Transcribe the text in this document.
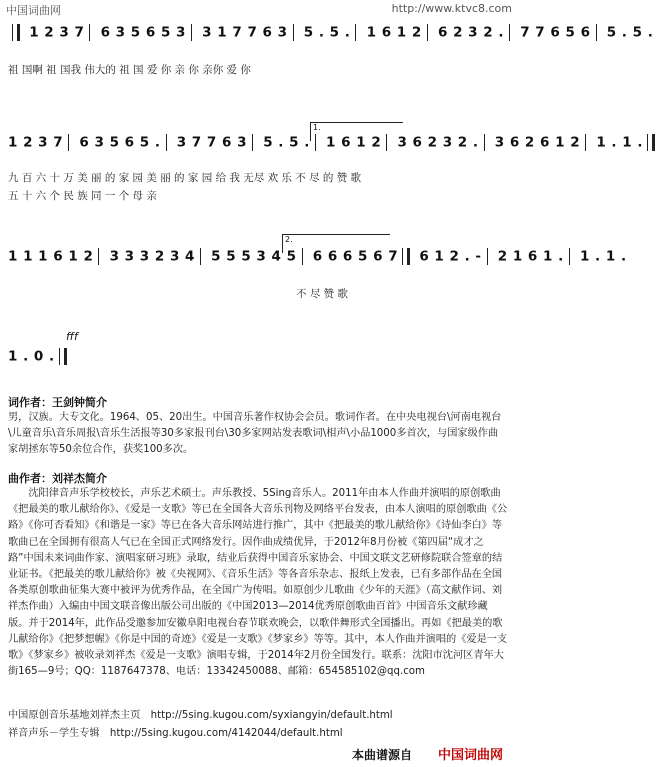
中国词曲网	http://www.ktvc8.com
1 2 3 7 6 3 5 6 5 3 3 1 7 7 6 3 5 . 5 . 1 6 1 2 6 2 3 2 . 7 7 6 5 6 5 . 5 .
祖 国啊 祖 国我 伟大的 祖 国 爱 你 亲 你 亲你 爱 你
1.
1 2 3 7 6 3 5 6 5 . 3 7 7 6 3 5 . 5 . 1 6 1 2 3 6 2 3 2 . 3 6 2 6 1 2 1 . 1 .
九 百 六 十 万 美 丽 的 家 园 美 丽 的 家 园 给 我 无尽 欢 乐 不 尽 的 赞 歌
五 十 六 个 民 族 同 一 个 母 亲
2.
1 1 1 6 1 2 3 3 3 2 3 4 5 5 5 3 4 5 6 6 6 5 6 7 6 1 2 . - 2 1 6 1 . 1 . 1 .
不 尽 赞 歌
fff
1 . 0 .
词作者：王剑钟简介
男，汉族。大专文化。1964、05、20出生。中国音乐著作权协会会员。歌词作者。在中央电视台\河南电视台\儿童音乐\音乐周报\音乐生活报等30多家报刊台\30多家网站发表歌词\相声\小品1000多首次，与国家级作曲家胡拯东等50余位合作，获奖100多次。
曲作者：刘祥杰简介
　　沈阳律音声乐学校校长，声乐艺术硕士。声乐教授、5Sing音乐人。2011年由本人作曲并演唱的原创歌曲《把最美的歌儿献给你》、《爱是一支歌》等已在全国各大音乐刊物及网络平台发表，由本人演唱的原创歌曲《公路》《你可否看知》《和谐是一家》等已在各大音乐网站进行推广，其中《把最美的歌儿献给你》《诗仙李白》等歌曲已在全国拥有很高人气已在全国正式网络发行。因作曲成绩优异，于2012年8月份被《第四届“成才之路”中国未来词曲作家、演唱家研习班》录取，结业后获得中国音乐家协会、中国文联文艺研修院联合签章的结业证书。《把最美的歌儿献给你》被《央视网》、《音乐生活》等各音乐杂志、报纸上发表，已有多部作品在全国各类原创歌曲征集大赛中被评为优秀作品，在全国广为传唱。如原创少儿歌曲《少年的天涯》（高文献作词、刘祥杰作曲）入编由中国文联音像出版公司出版的《中国2013—2014优秀原创歌曲百首》中国音乐文献珍藏版。并于2014年，此作品受邀参加安徽阜阳电视台春节联欢晚会，以歌伴舞形式全国播出。再如《把最美的歌儿献给你》《把梦想幄》《你是中国的奇迹》《爱是一支歌》《梦家乡》等等。其中，本人作曲并演唱的《爱是一支歌》《梦家乡》被收录刘祥杰《爱是一支歌》演唱专辑，于2014年2月份全国发行。联系：沈阳市沈河区青年大街165—9号；QQ：1187647378、电话：13342450088、邮箱：654585102@qq.com
中国原创音乐基地刘祥杰主页　http://5sing.kugou.com/syxiangyin/default.html
祥音声乐－学生专辑　http://5sing.kugou.com/4142044/default.html
本曲谱源自 中国词曲网
